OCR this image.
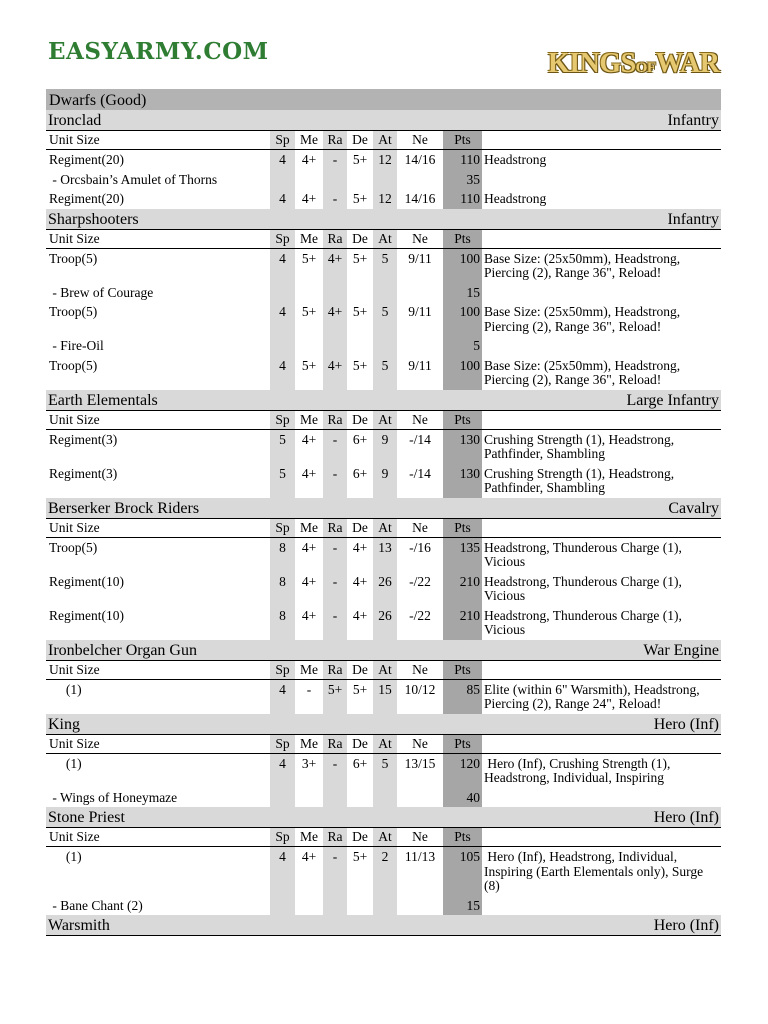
EASYARMY.COM	KINGSOFWAR
Dwarfs (Good)
Ironclad	Infantry
Unit Size	Sp Me Ra De At	Ne	Pts
Regiment(20)	4	4+	-	5+ 12 14/16	110 Headstrong
- Orcsbain’s Amulet of Thorns	35
Regiment(20)	4	4+	-	5+ 12 14/16	110 Headstrong
Sharpshooters	Infantry
Unit Size	Sp Me Ra De At	Ne	Pts
Troop(5)	4	5+ 4+ 5+	5	9/11	100 Base Size: (25x50mm), Headstrong, Piercing (2), Range 36", Reload!
- Brew of Courage	15
Troop(5)	4	5+ 4+ 5+	5	9/11	100 Base Size: (25x50mm), Headstrong, Piercing (2), Range 36", Reload!
- Fire-Oil	5
Troop(5)	4	5+ 4+ 5+	5	9/11	100 Base Size: (25x50mm), Headstrong, Piercing (2), Range 36", Reload!
Earth Elementals	Large Infantry
Unit Size	Sp Me Ra De At	Ne	Pts
Regiment(3)	5	4+	-	6+	9	-/14	130 Crushing Strength (1), Headstrong, Pathfinder, Shambling
Regiment(3)	5	4+	-	6+	9	-/14	130 Crushing Strength (1), Headstrong, Pathfinder, Shambling
Berserker Brock Riders	Cavalry
Unit Size	Sp Me Ra De At	Ne	Pts
Troop(5)	8	4+	-	4+ 13	-/16	135 Headstrong, Thunderous Charge (1), Vicious
Regiment(10)	8	4+	-	4+ 26	-/22	210 Headstrong, Thunderous Charge (1), Vicious
Regiment(10)	8	4+	-	4+ 26	-/22	210 Headstrong, Thunderous Charge (1), Vicious
Ironbelcher Organ Gun	War Engine
Unit Size	Sp Me Ra De At	Ne	Pts
(1)	4	-	5+ 5+ 15 10/12	85 Elite (within 6" Warsmith), Headstrong, Piercing (2), Range 24", Reload!
King	Hero (Inf)
Unit Size	Sp Me Ra De At	Ne	Pts
(1)	4	3+	-	6+	5	13/15	120 Hero (Inf), Crushing Strength (1), Headstrong, Individual, Inspiring
- Wings of Honeymaze	40
Stone Priest	Hero (Inf)
Unit Size	Sp Me Ra De At	Ne	Pts
(1)	4	4+	-	5+	2	11/13	105 Hero (Inf), Headstrong, Individual, Inspiring (Earth Elementals only), Surge (8)
- Bane Chant (2)	15
Warsmith	Hero (Inf)
